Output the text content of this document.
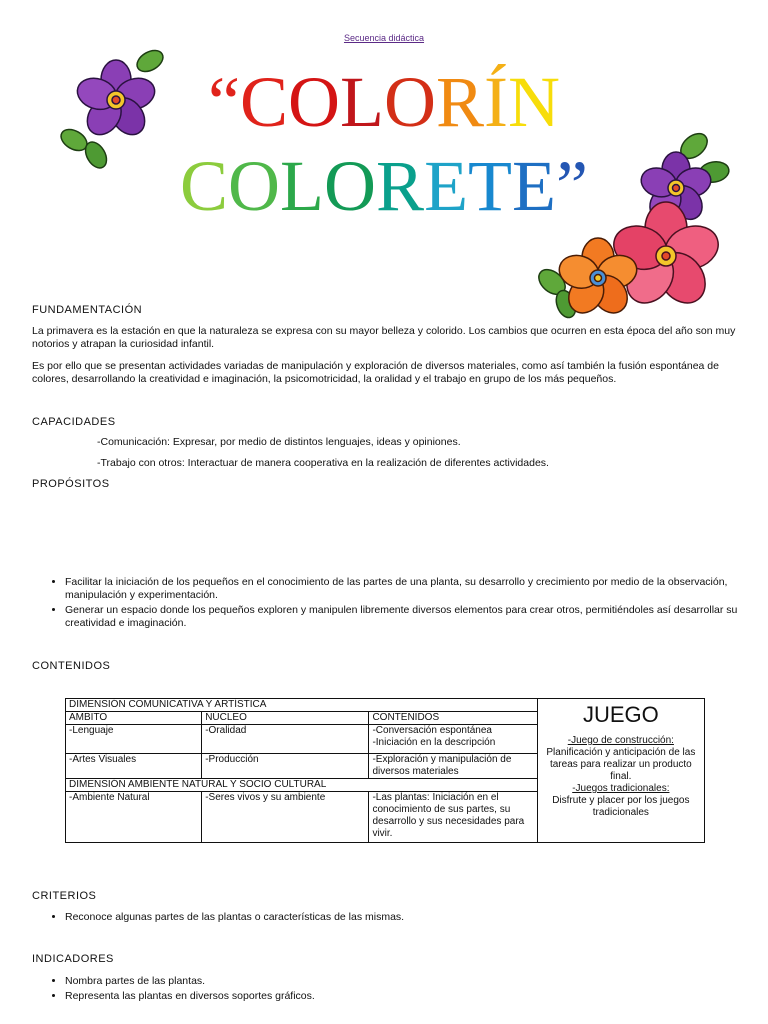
Secuencia didáctica
“COLORÍN
COLORETE”
FUNDAMENTACIÓN
La primavera es la estación en que la naturaleza se expresa con su mayor belleza y colorido. Los cambios que ocurren en esta época del año son muy notorios y atrapan la curiosidad infantil.
Es por ello que se presentan actividades variadas de manipulación y exploración de diversos materiales, como así también la fusión espontánea de colores, desarrollando la creatividad e imaginación, la psicomotricidad, la oralidad y el trabajo en grupo de los más pequeños.
CAPACIDADES
-Comunicación: Expresar, por medio de distintos lenguajes, ideas y opiniones.
-Trabajo con otros: Interactuar de manera cooperativa en la realización de diferentes actividades.
PROPÓSITOS
• Facilitar la iniciación de los pequeños en el conocimiento de las partes de una planta, su desarrollo y crecimiento por medio de la observación, manipulación y experimentación.
• Generar un espacio donde los pequeños exploren y manipulen libremente diversos elementos para crear otros, permitiéndoles así desarrollar su creatividad e imaginación.
CONTENIDOS
DIMENSIÓN COMUNICATIVA Y ARTÍSTICA			JUEGO
-Juego de construcción:
Planificación y anticipación de las tareas para realizar un producto final.
-Juegos tradicionales:
Disfrute y placer por los juegos tradicionales

AMBITO	NÚCLEO	CONTENIDOS	
-Lenguaje	-Oralidad	-Conversación espontánea
-Iniciación en la descripción	

-Artes Visuales	-Producción	-Exploración y manipulación de diversos materiales	
DIMENSIÓN AMBIENTE NATURAL Y SOCIO CULTURAL			
-Ambiente Natural	-Seres vivos y su ambiente	-Las plantas: Iniciación en el conocimiento de sus partes, su desarrollo y sus necesidades para vivir.	
CRITERIOS
• Reconoce algunas partes de las plantas o características de las mismas.
INDICADORES
• Nombra partes de las plantas.
• Representa las plantas en diversos soportes gráficos.
